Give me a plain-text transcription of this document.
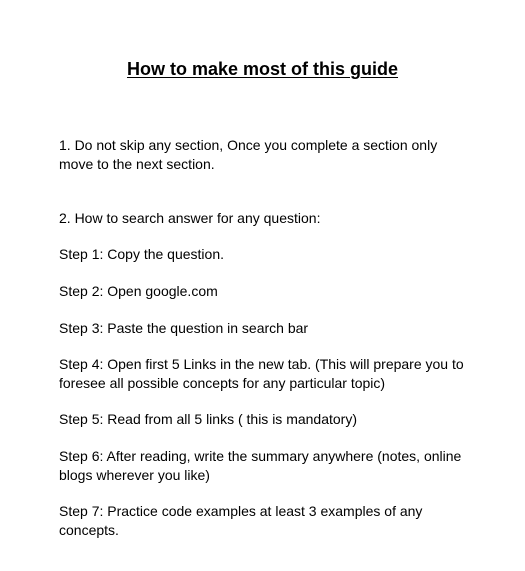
How to make most of this guide

1. Do not skip any section, Once you complete a section only
move to the next section.

2. How to search answer for any question:

Step 1: Copy the question.

Step 2: Open google.com

Step 3: Paste the question in search bar

Step 4: Open first 5 Links in the new tab. (This will prepare you to
foresee all possible concepts for any particular topic)

Step 5: Read from all 5 links ( this is mandatory)

Step 6: After reading, write the summary anywhere (notes, online
blogs wherever you like)

Step 7: Practice code examples at least 3 examples of any
concepts.
